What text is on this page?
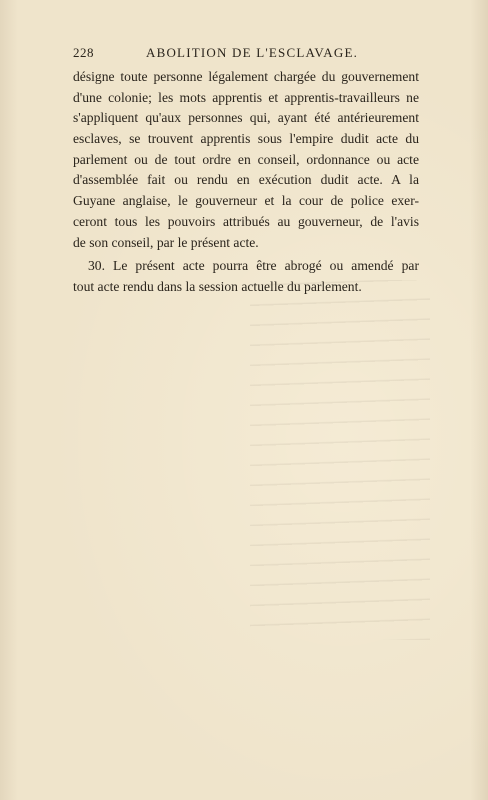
228	ABOLITION DE L'ESCLAVAGE.
désigne toute personne légalement chargée du gouvernement
d'une colonie; les mots apprentis et apprentis-travailleurs ne
s'appliquent qu'aux personnes qui, ayant été antérieurement
esclaves, se trouvent apprentis sous l'empire dudit acte du
parlement ou de tout ordre en conseil, ordonnance ou acte
d'assemblée fait ou rendu en exécution dudit acte. A la
Guyane anglaise, le gouverneur et la cour de police exer-
ceront tous les pouvoirs attribués au gouverneur, de l'avis
de son conseil, par le présent acte.
30. Le présent acte pourra être abrogé ou amendé par
tout acte rendu dans la session actuelle du parlement.
